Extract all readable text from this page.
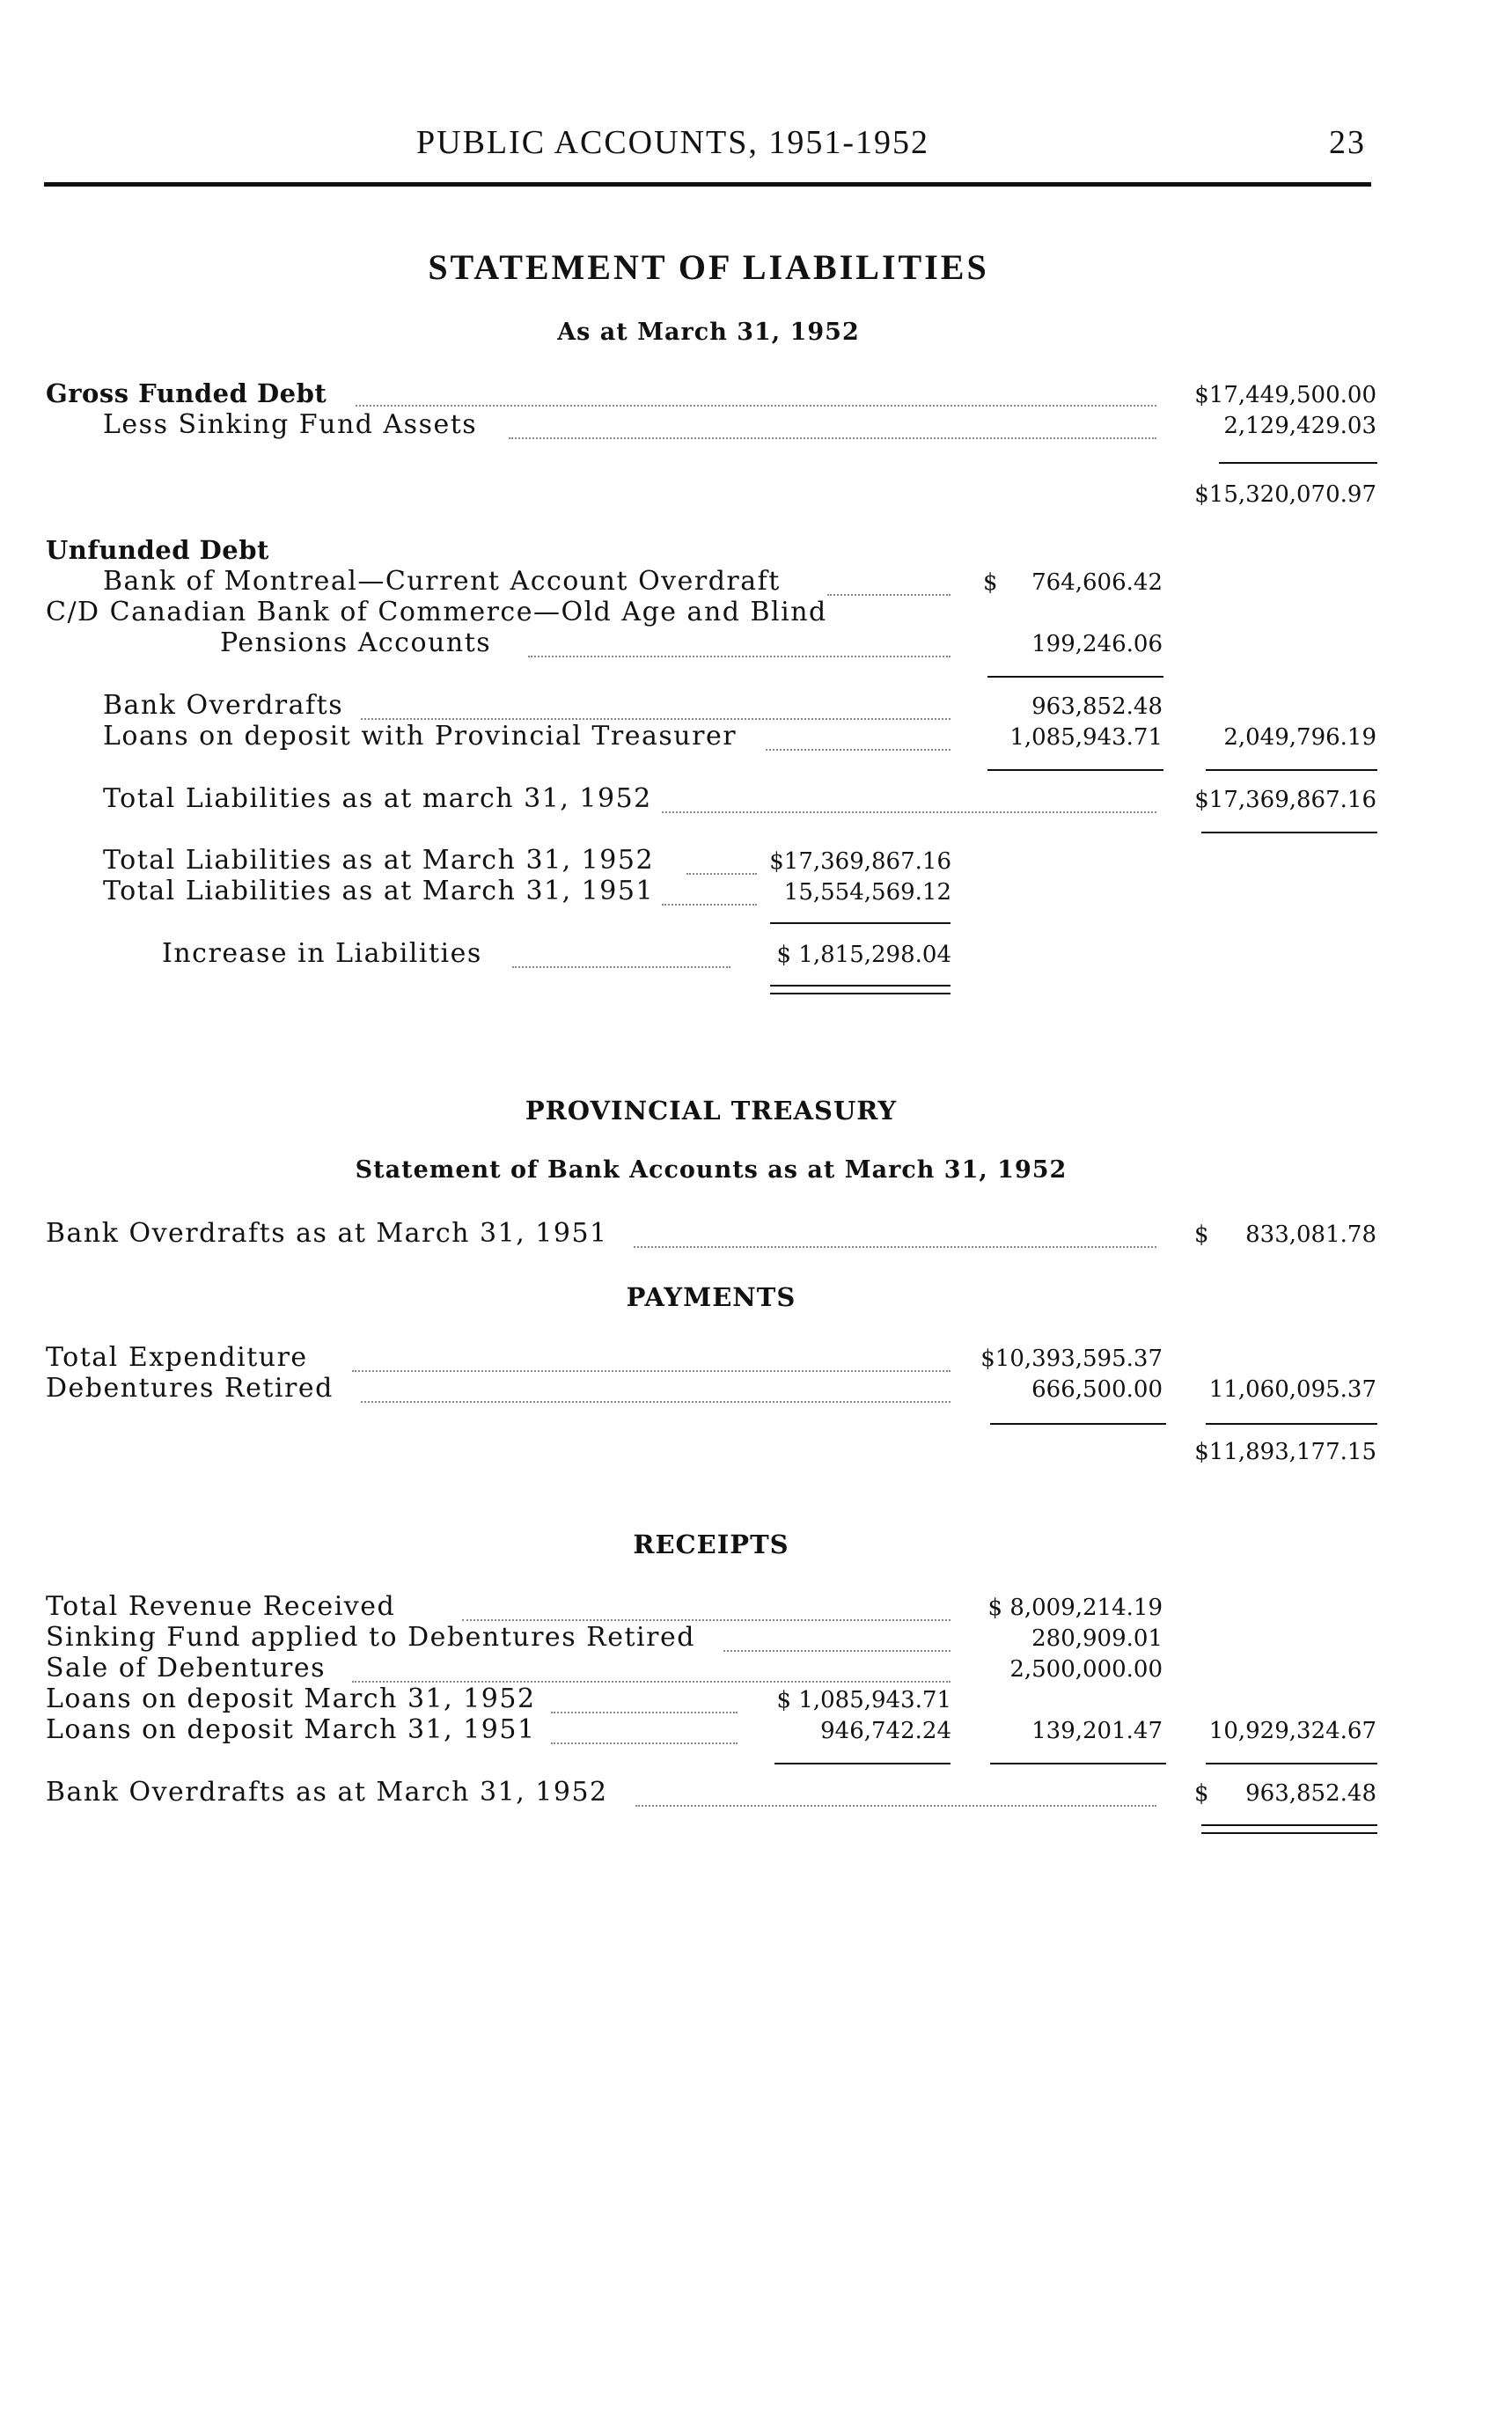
PUBLIC ACCOUNTS, 1951-1952	23
STATEMENT OF LIABILITIES
As at March 31, 1952
Gross Funded Debt	$17,449,500.00
Less Sinking Fund Assets	2,129,429.03
$15,320,070.97
Unfunded Debt
Bank of Montreal—Current Account Overdraft	$ 764,606.42
C/D Canadian Bank of Commerce—Old Age and Blind
Pensions Accounts	199,246.06
Bank Overdrafts	963,852.48
Loans on deposit with Provincial Treasurer	1,085,943.71	2,049,796.19
Total Liabilities as at march 31, 1952	$17,369,867.16
Total Liabilities as at March 31, 1952	$17,369,867.16
Total Liabilities as at March 31, 1951	15,554,569.12
Increase in Liabilities	$ 1,815,298.04
PROVINCIAL TREASURY
Statement of Bank Accounts as at March 31, 1952
Bank Overdrafts as at March 31, 1951	$ 833,081.78
PAYMENTS
Total Expenditure	$10,393,595.37
Debentures Retired	666,500.00 11,060,095.37
$11,893,177.15
RECEIPTS
Total Revenue Received	$ 8,009,214.19
Sinking Fund applied to Debentures Retired	280,909.01
Sale of Debentures	2,500,000.00
Loans on deposit March 31, 1952	$ 1,085,943.71
Loans on deposit March 31, 1951	946,742.24	139,201.47 10,929,324.67
Bank Overdrafts as at March 31, 1952	$ 963,852.48
